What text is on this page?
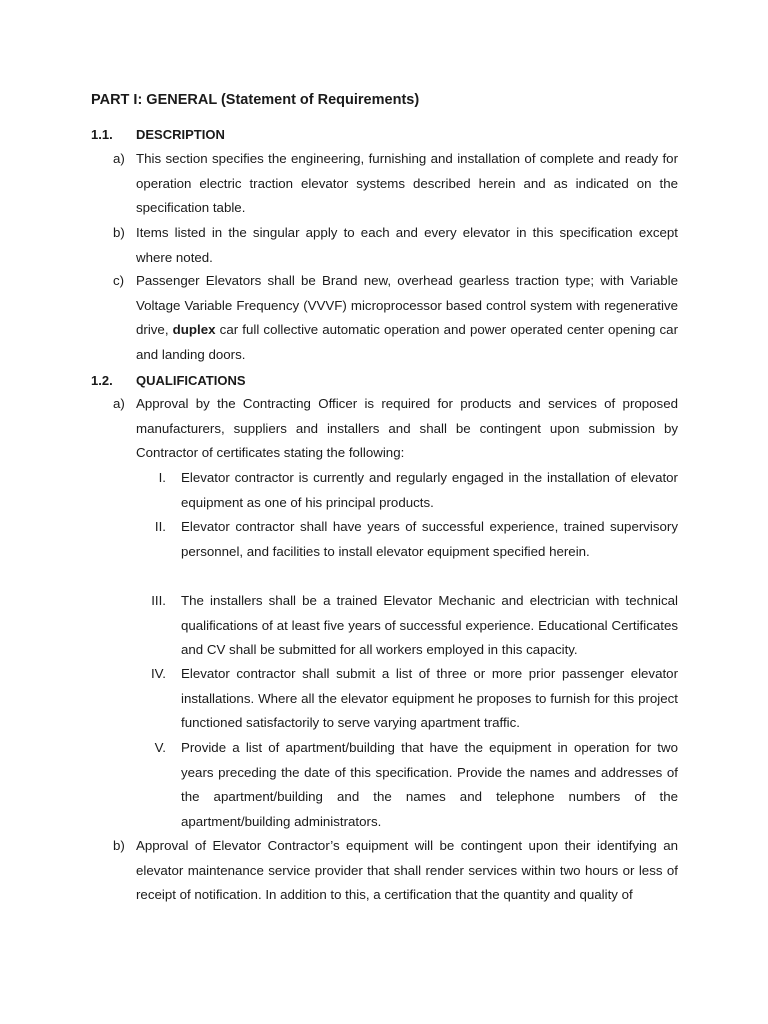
PART I: GENERAL (Statement of Requirements)
1.1. DESCRIPTION
a) This section specifies the engineering, furnishing and installation of complete and ready for operation electric traction elevator systems described herein and as indicated on the specification table.
b) Items listed in the singular apply to each and every elevator in this specification except where noted.
c) Passenger Elevators shall be Brand new, overhead gearless traction type; with Variable Voltage Variable Frequency (VVVF) microprocessor based control system with regenerative drive, duplex car full collective automatic operation and power operated center opening car and landing doors.
1.2. QUALIFICATIONS
a) Approval by the Contracting Officer is required for products and services of proposed manufacturers, suppliers and installers and shall be contingent upon submission by Contractor of certificates stating the following:
I. Elevator contractor is currently and regularly engaged in the installation of elevator equipment as one of his principal products.
II. Elevator contractor shall have years of successful experience, trained supervisory personnel, and facilities to install elevator equipment specified herein.
III. The installers shall be a trained Elevator Mechanic and electrician with technical qualifications of at least five years of successful experience. Educational Certificates and CV shall be submitted for all workers employed in this capacity.
IV. Elevator contractor shall submit a list of three or more prior passenger elevator installations. Where all the elevator equipment he proposes to furnish for this project functioned satisfactorily to serve varying apartment traffic.
V. Provide a list of apartment/building that have the equipment in operation for two years preceding the date of this specification. Provide the names and addresses of the apartment/building and the names and telephone numbers of the apartment/building administrators.
b) Approval of Elevator Contractor’s equipment will be contingent upon their identifying an elevator maintenance service provider that shall render services within two hours or less of receipt of notification. In addition to this, a certification that the quantity and quality of
